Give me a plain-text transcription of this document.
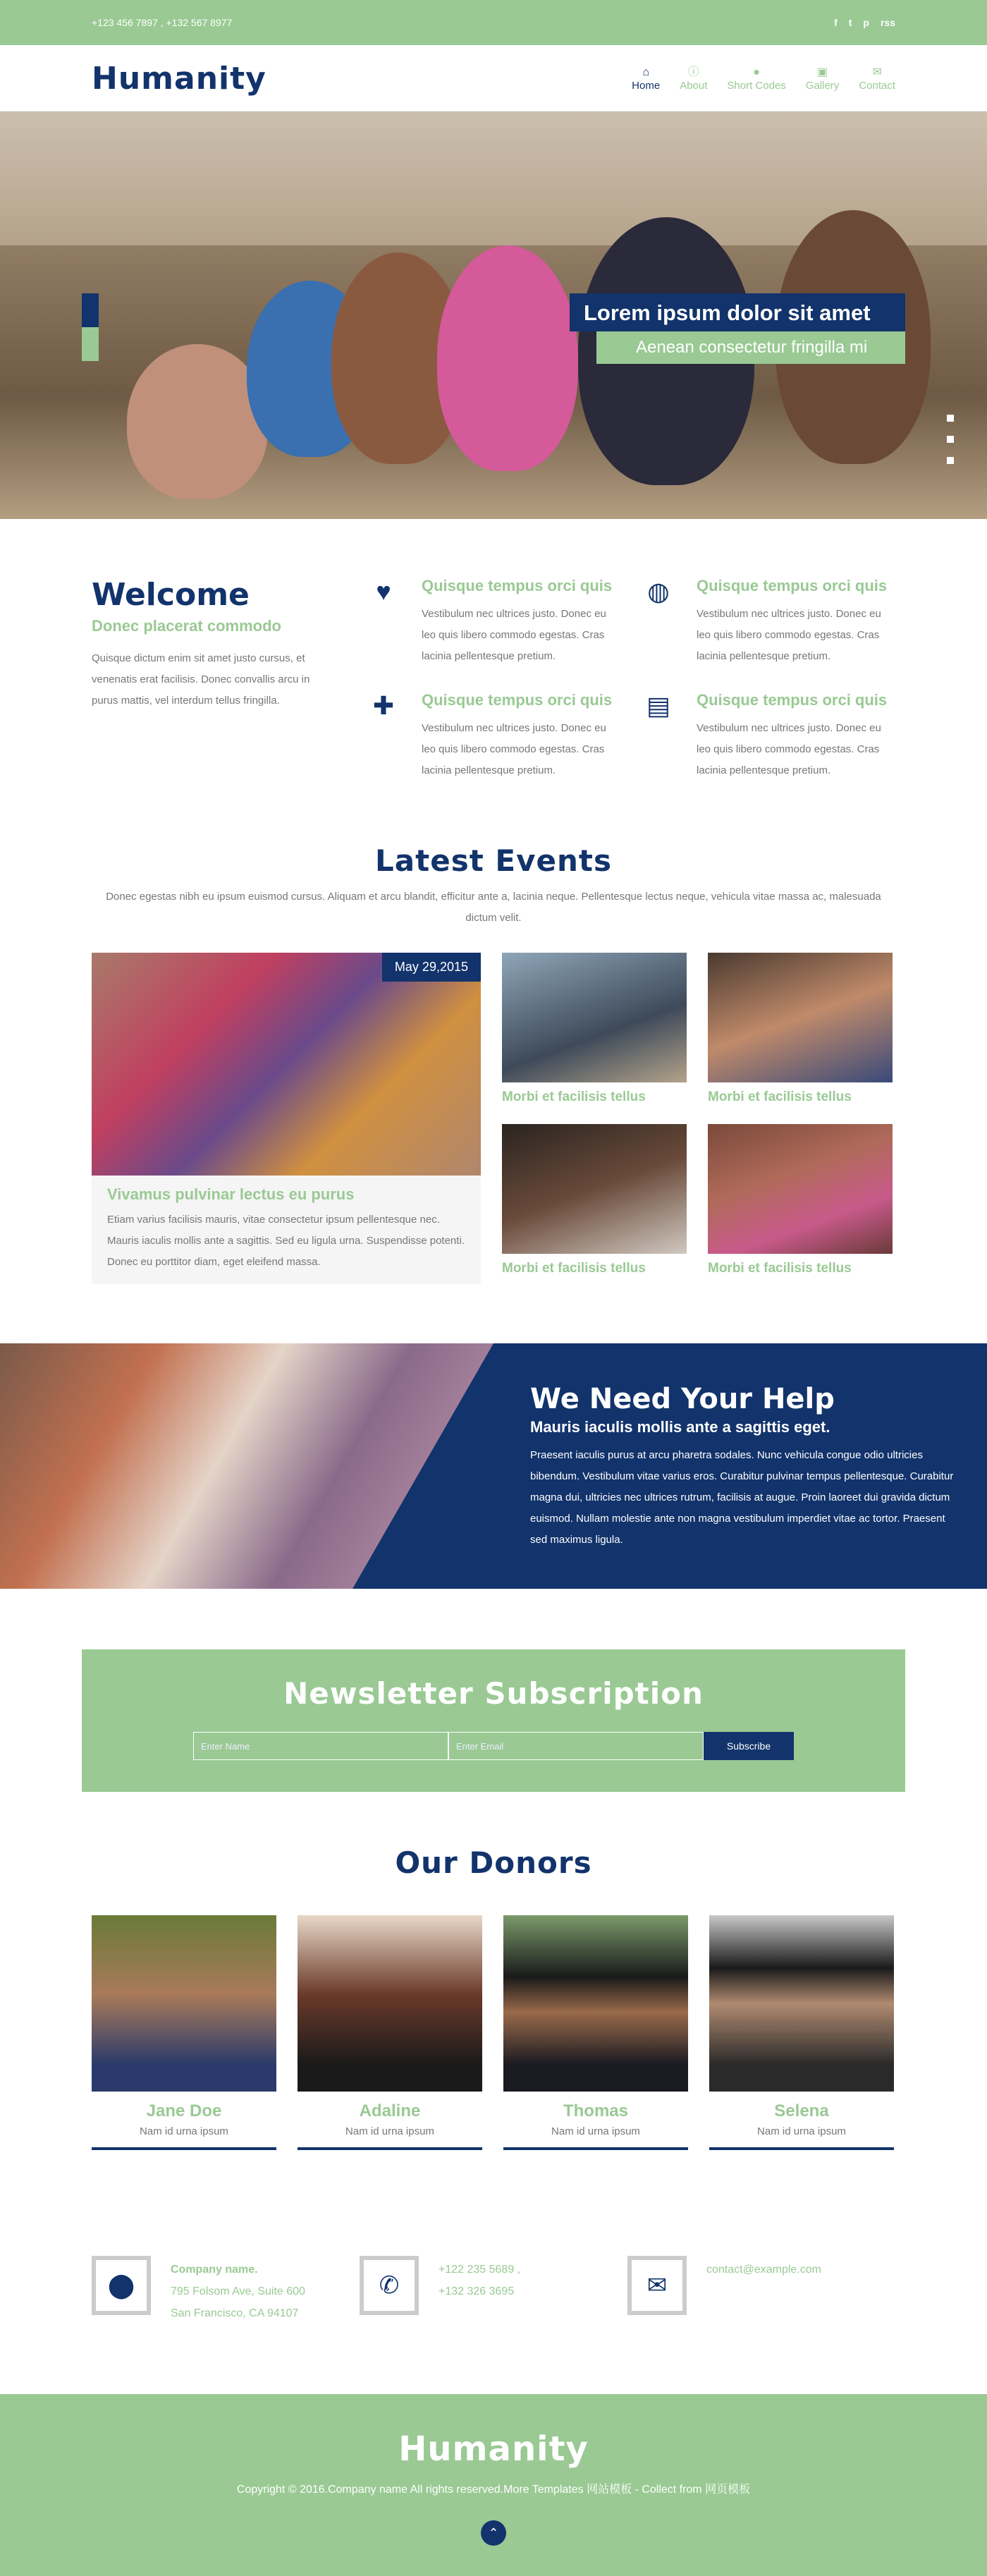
+123 456 7897 , +132 567 8977	f t p rss
Humanity	⌂
Home
ⓘ
About
●
Short Codes
▣
Gallery
✉
Contact
Lorem ipsum dolor sit amet
Aenean consectetur fringilla mi
Welcome
Donec placerat commodo

Quisque dictum enim sit amet justo cursus, et venenatis erat facilisis. Donec convallis arcu in purus mattis, vel interdum tellus fringilla.

♥	Quisque tempus orci quis

Vestibulum nec ultrices justo. Donec eu leo quis libero commodo egestas. Cras lacinia pellentesque pretium.

◍	Quisque tempus orci quis

Vestibulum nec ultrices justo. Donec eu leo quis libero commodo egestas. Cras lacinia pellentesque pretium.

✚	Quisque tempus orci quis

Vestibulum nec ultrices justo. Donec eu leo quis libero commodo egestas. Cras lacinia pellentesque pretium.

▤	Quisque tempus orci quis

Vestibulum nec ultrices justo. Donec eu leo quis libero commodo egestas. Cras lacinia pellentesque pretium.

Latest Events

Donec egestas nibh eu ipsum euismod cursus. Aliquam et arcu blandit, efficitur ante a, lacinia neque. Pellentesque lectus neque, vehicula vitae massa ac, malesuada dictum velit.

May 29,2015
Vivamus pulvinar lectus eu purus

Etiam varius facilisis mauris, vitae consectetur ipsum pellentesque nec. Mauris iaculis mollis ante a sagittis. Sed eu ligula urna. Suspendisse potenti. Donec eu porttitor diam, eget eleifend massa.

Morbi et facilisis tellus	Morbi et facilisis tellus
Morbi et facilisis tellus	Morbi et facilisis tellus
We Need Your Help
Mauris iaculis mollis ante a sagittis eget.

Praesent iaculis purus at arcu pharetra sodales. Nunc vehicula congue odio ultricies bibendum. Vestibulum vitae varius eros. Curabitur pulvinar tempus pellentesque. Curabitur magna dui, ultricies nec ultrices rutrum, facilisis at augue. Proin laoreet dui gravida dictum euismod. Nullam molestie ante non magna vestibulum imperdiet vitae ac tortor. Praesent sed maximus ligula.

Newsletter Subscription
Enter Name
Enter Email
Subscribe
Our Donors
Jane Doe

Nam id urna ipsum

Adaline

Nam id urna ipsum

Thomas

Nam id urna ipsum

Selena

Nam id urna ipsum

⬤
Company name.
795 Folsom Ave, Suite 600
San Francisco, CA 94107
✆
+122 235 5689 ,
+132 326 3695	✉
contact@example.com
Humanity

Copyright © 2016.Company name All rights reserved.More Templates 网站模板 - Collect from 网页模板

⌃
